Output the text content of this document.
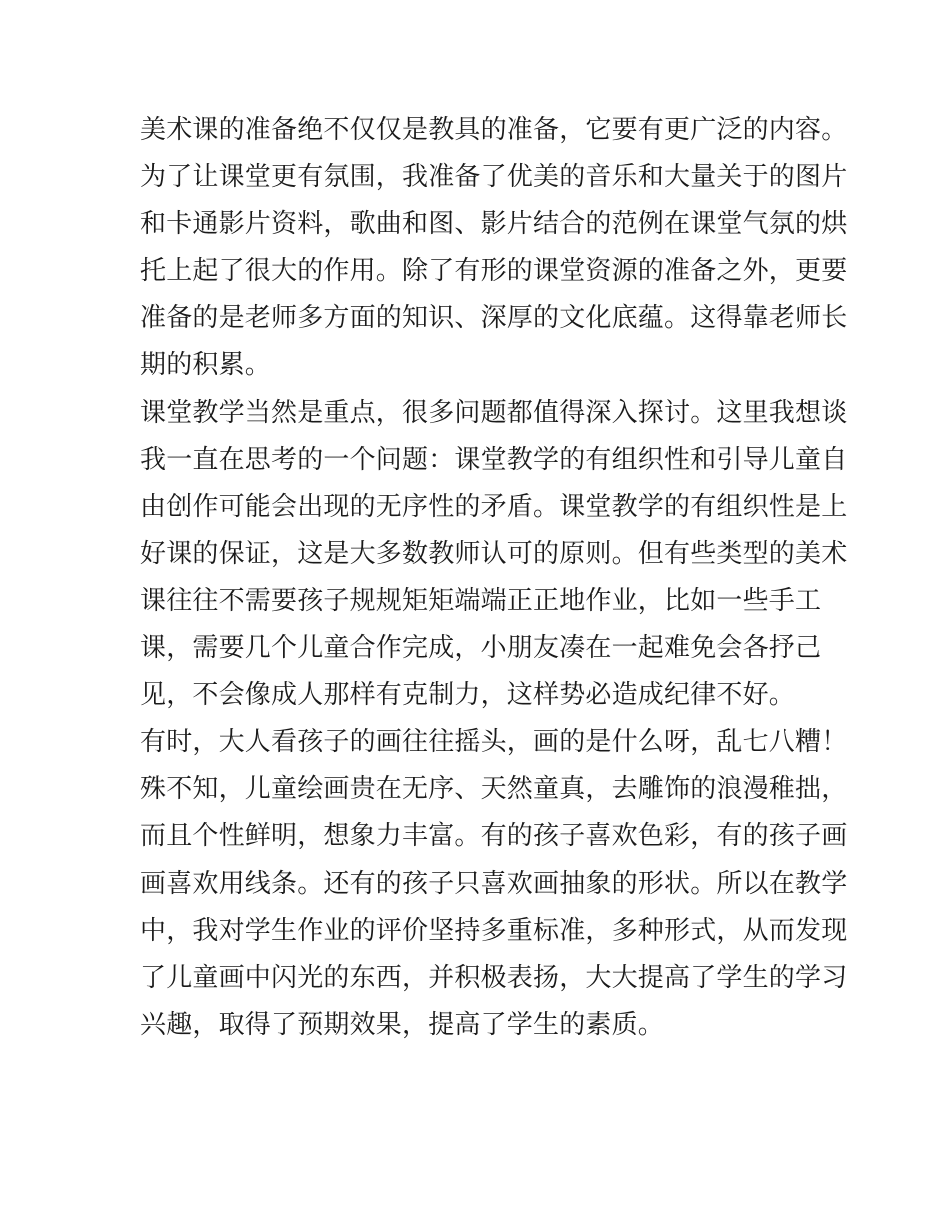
美术课的准备绝不仅仅是教具的准备，它要有更广泛的内容。
为了让课堂更有氛围，我准备了优美的音乐和大量关于的图片
和卡通影片资料，歌曲和图、影片结合的范例在课堂气氛的烘
托上起了很大的作用。除了有形的课堂资源的准备之外，更要
准备的是老师多方面的知识、深厚的文化底蕴。这得靠老师长
期的积累。
课堂教学当然是重点，很多问题都值得深入探讨。这里我想谈
我一直在思考的一个问题：课堂教学的有组织性和引导儿童自
由创作可能会出现的无序性的矛盾。课堂教学的有组织性是上
好课的保证，这是大多数教师认可的原则。但有些类型的美术
课往往不需要孩子规规矩矩端端正正地作业，比如一些手工
课，需要几个儿童合作完成，小朋友凑在一起难免会各抒己
见，不会像成人那样有克制力，这样势必造成纪律不好。
有时，大人看孩子的画往往摇头，画的是什么呀，乱七八糟！
殊不知，儿童绘画贵在无序、天然童真，去雕饰的浪漫稚拙，
而且个性鲜明，想象力丰富。有的孩子喜欢色彩，有的孩子画
画喜欢用线条。还有的孩子只喜欢画抽象的形状。所以在教学
中，我对学生作业的评价坚持多重标准，多种形式，从而发现
了儿童画中闪光的东西，并积极表扬，大大提高了学生的学习
兴趣，取得了预期效果，提高了学生的素质。
